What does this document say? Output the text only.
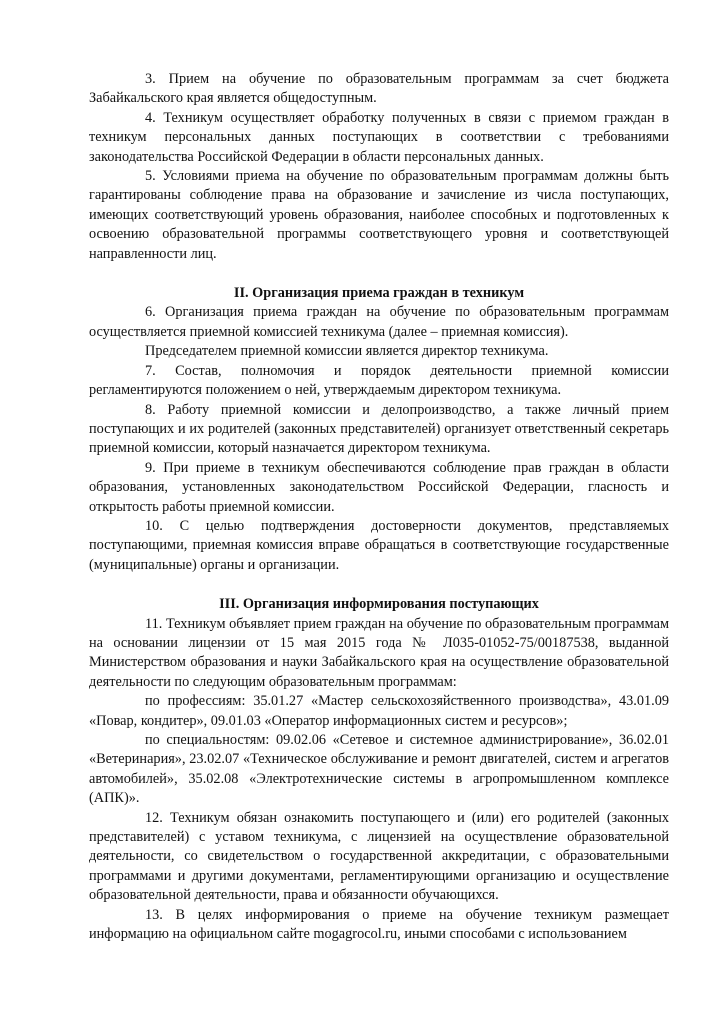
3. Прием на обучение по образовательным программам за счет бюджета Забайкальского края является общедоступным.

4. Техникум осуществляет обработку полученных в связи с приемом граждан в техникум персональных данных поступающих в соответствии с требованиями законодательства Российской Федерации в области персональных данных.

5. Условиями приема на обучение по образовательным программам должны быть гарантированы соблюдение права на образование и зачисление из числа поступающих, имеющих соответствующий уровень образования, наиболее способных и подготовленных к освоению образовательной программы соответствующего уровня и соответствующей направленности лиц.

II. Организация приема граждан в техникум

6. Организация приема граждан на обучение по образовательным программам осуществляется приемной комиссией техникума (далее – приемная комиссия).

Председателем приемной комиссии является директор техникума.

7. Состав, полномочия и порядок деятельности приемной комиссии регламентируются положением о ней, утверждаемым директором техникума.

8. Работу приемной комиссии и делопроизводство, а также личный прием поступающих и их родителей (законных представителей) организует ответственный секретарь приемной комиссии, который назначается директором техникума.

9. При приеме в техникум обеспечиваются соблюдение прав граждан в области образования, установленных законодательством Российской Федерации, гласность и открытость работы приемной комиссии.

10. С целью подтверждения достоверности документов, представляемых поступающими, приемная комиссия вправе обращаться в соответствующие государственные (муниципальные) органы и организации.

III. Организация информирования поступающих

11. Техникум объявляет прием граждан на обучение по образовательным программам на основании лицензии от 15 мая 2015 года № Л035-01052-75/00187538, выданной Министерством образования и науки Забайкальского края на осуществление образовательной деятельности по следующим образовательным программам:

по профессиям: 35.01.27 «Мастер сельскохозяйственного производства», 43.01.09 «Повар, кондитер», 09.01.03 «Оператор информационных систем и ресурсов»;

по специальностям: 09.02.06 «Сетевое и системное администрирование», 36.02.01 «Ветеринария», 23.02.07 «Техническое обслуживание и ремонт двигателей, систем и агрегатов автомобилей», 35.02.08 «Электротехнические системы в агропромышленном комплексе (АПК)».

12. Техникум обязан ознакомить поступающего и (или) его родителей (законных представителей) с уставом техникума, с лицензией на осуществление образовательной деятельности, со свидетельством о государственной аккредитации, с образовательными программами и другими документами, регламентирующими организацию и осуществление образовательной деятельности, права и обязанности обучающихся.

13. В целях информирования о приеме на обучение техникум размещает информацию на официальном сайте mogagrocol.ru, иными способами с использованием
